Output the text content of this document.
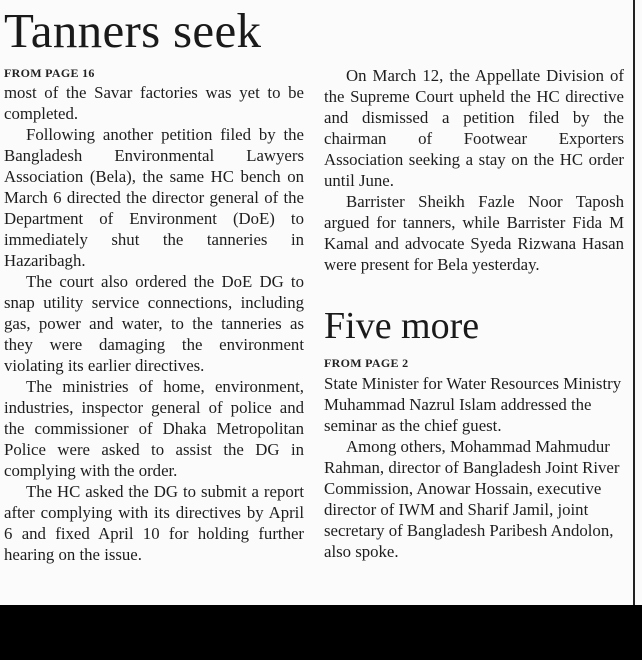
Tanners seek
FROM PAGE 16

most of the Savar factories was yet to be completed.

Following another petition filed by the Bangladesh Environmental Lawyers Association (Bela), the same HC bench on March 6 directed the director general of the Department of Environment (DoE) to immediately shut the tanneries in Hazaribagh.

The court also ordered the DoE DG to snap utility service connections, including gas, power and water, to the tanneries as they were damaging the environment violating its earlier directives.

The ministries of home, environment, industries, inspector general of police and the commissioner of Dhaka Metropolitan Police were asked to assist the DG in complying with the order.

The HC asked the DG to submit a report after complying with its directives by April 6 and fixed April 10 for holding further hearing on the issue.

On March 12, the Appellate Division of the Supreme Court upheld the HC directive and dismissed a petition filed by the chairman of Footwear Exporters Association seeking a stay on the HC order until June.

Barrister Sheikh Fazle Noor Taposh argued for tanners, while Barrister Fida M Kamal and advocate Syeda Rizwana Hasan were present for Bela yesterday.

Five more
FROM PAGE 2

State Minister for Water Resources Ministry Muhammad Nazrul Islam addressed the seminar as the chief guest.

Among others, Mohammad Mahmudur Rahman, director of Bangladesh Joint River Commission, Anowar Hossain, executive director of IWM and Sharif Jamil, joint secretary of Bangladesh Paribesh Andolon, also spoke.
